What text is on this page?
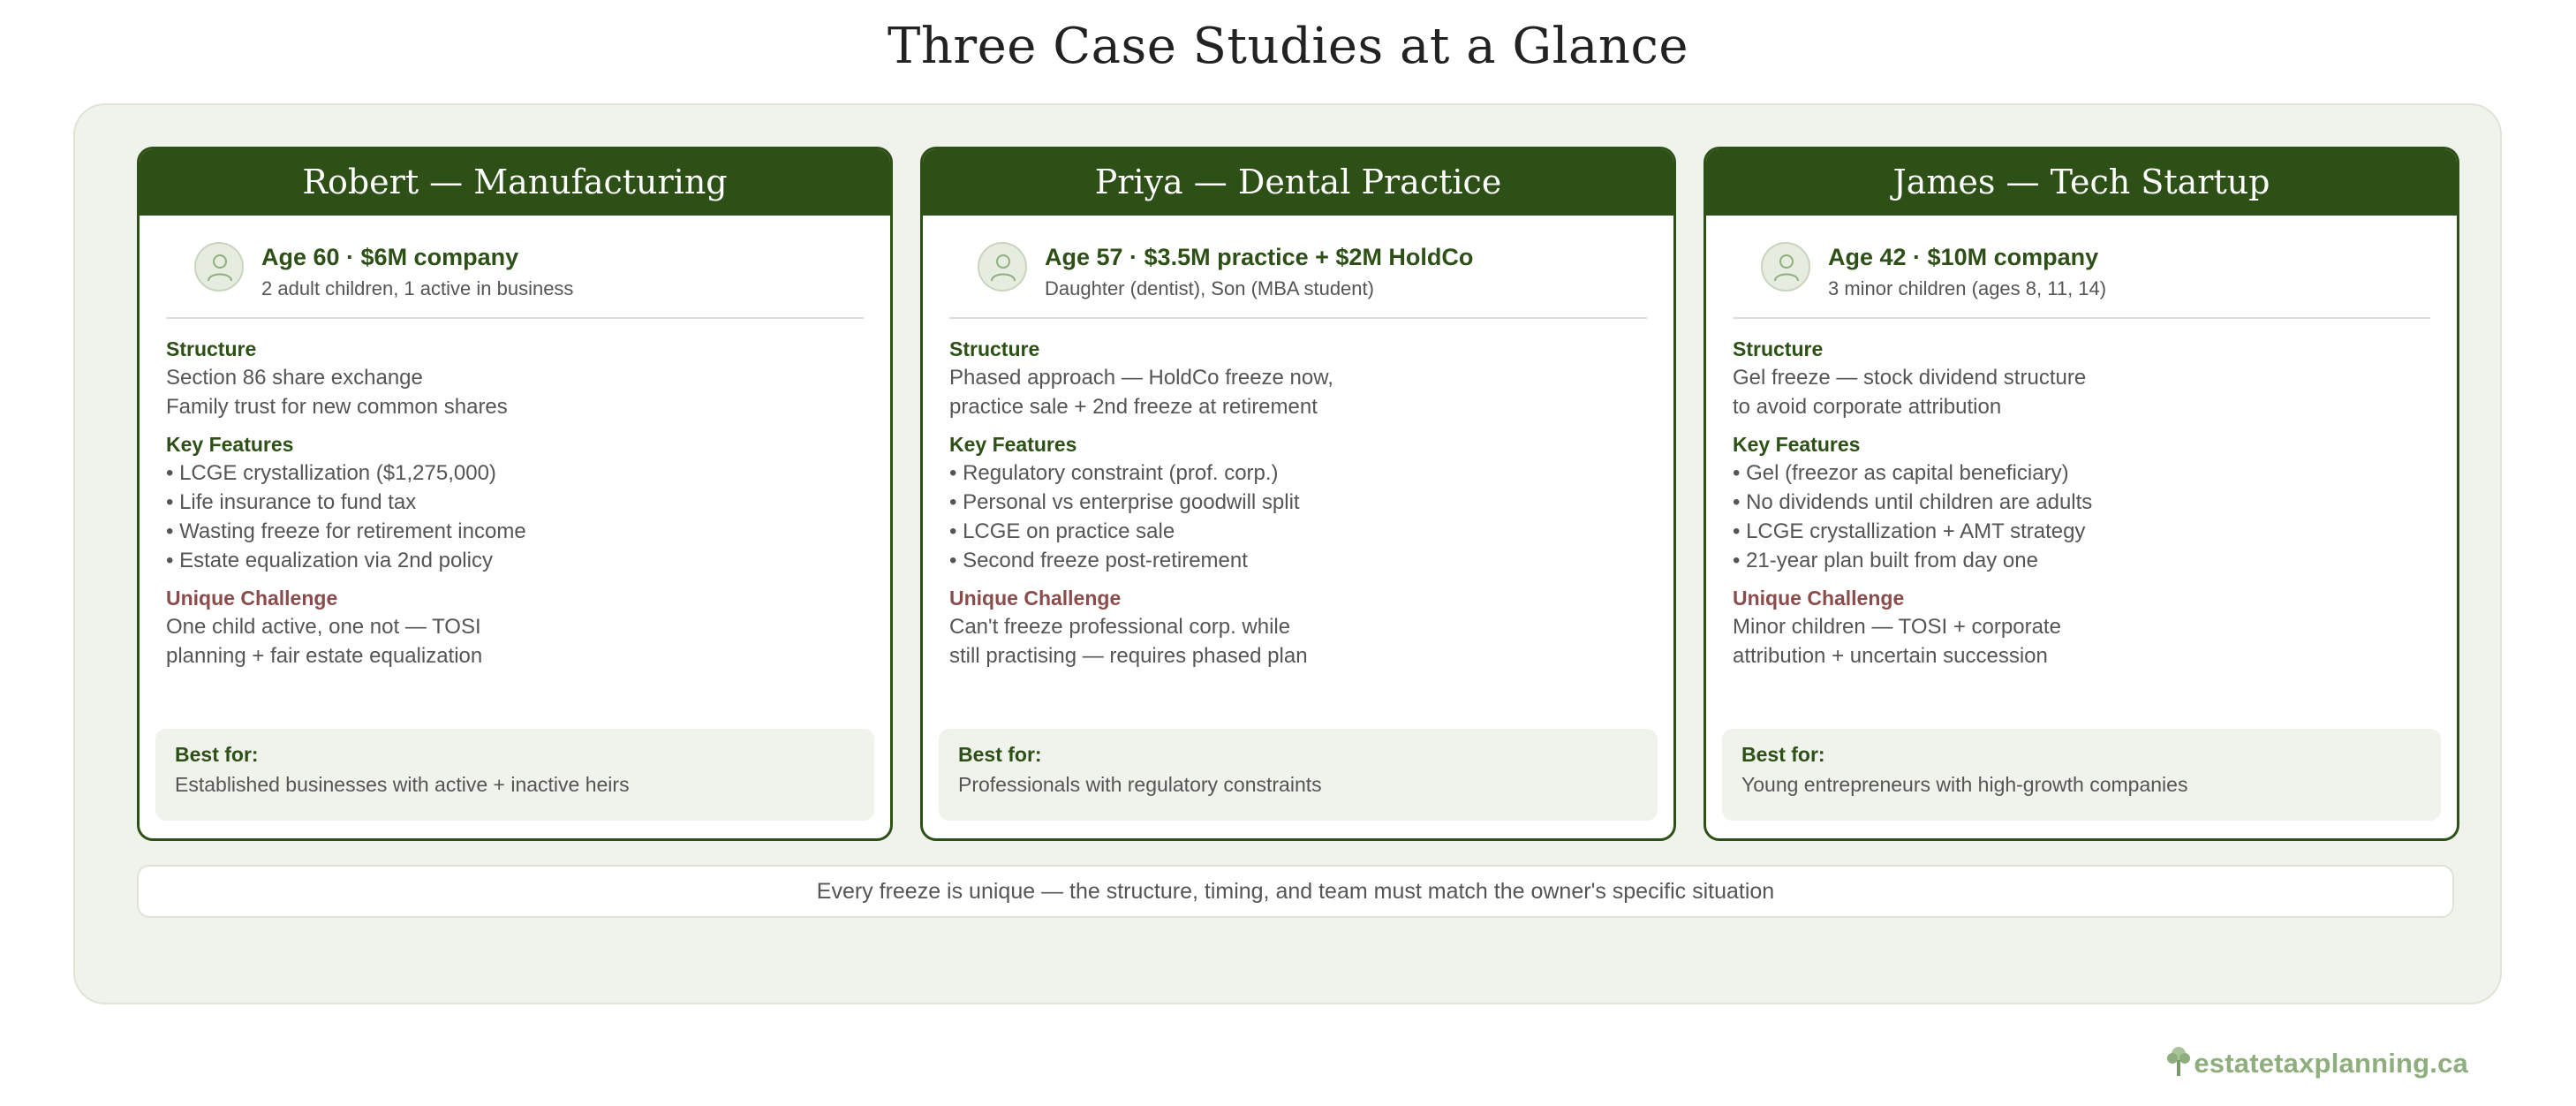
Three Case Studies at a Glance
Robert — Manufacturing
Age 60 · $6M company
2 adult children, 1 active in business
Structure
Section 86 share exchange
Family trust for new common shares
Key Features
• LCGE crystallization ($1,275,000)
• Life insurance to fund tax
• Wasting freeze for retirement income
• Estate equalization via 2nd policy
Unique Challenge
One child active, one not — TOSI
planning + fair estate equalization
Best for:
Established businesses with active + inactive heirs
Priya — Dental Practice
Age 57 · $3.5M practice + $2M HoldCo
Daughter (dentist), Son (MBA student)
Structure
Phased approach — HoldCo freeze now,
practice sale + 2nd freeze at retirement
Key Features
• Regulatory constraint (prof. corp.)
• Personal vs enterprise goodwill split
• LCGE on practice sale
• Second freeze post-retirement
Unique Challenge
Can't freeze professional corp. while
still practising — requires phased plan
Best for:
Professionals with regulatory constraints
James — Tech Startup
Age 42 · $10M company
3 minor children (ages 8, 11, 14)
Structure
Gel freeze — stock dividend structure
to avoid corporate attribution
Key Features
• Gel (freezor as capital beneficiary)
• No dividends until children are adults
• LCGE crystallization + AMT strategy
• 21-year plan built from day one
Unique Challenge
Minor children — TOSI + corporate
attribution + uncertain succession
Best for:
Young entrepreneurs with high-growth companies
Every freeze is unique — the structure, timing, and team must match the owner's specific situation
estatetaxplanning.ca
